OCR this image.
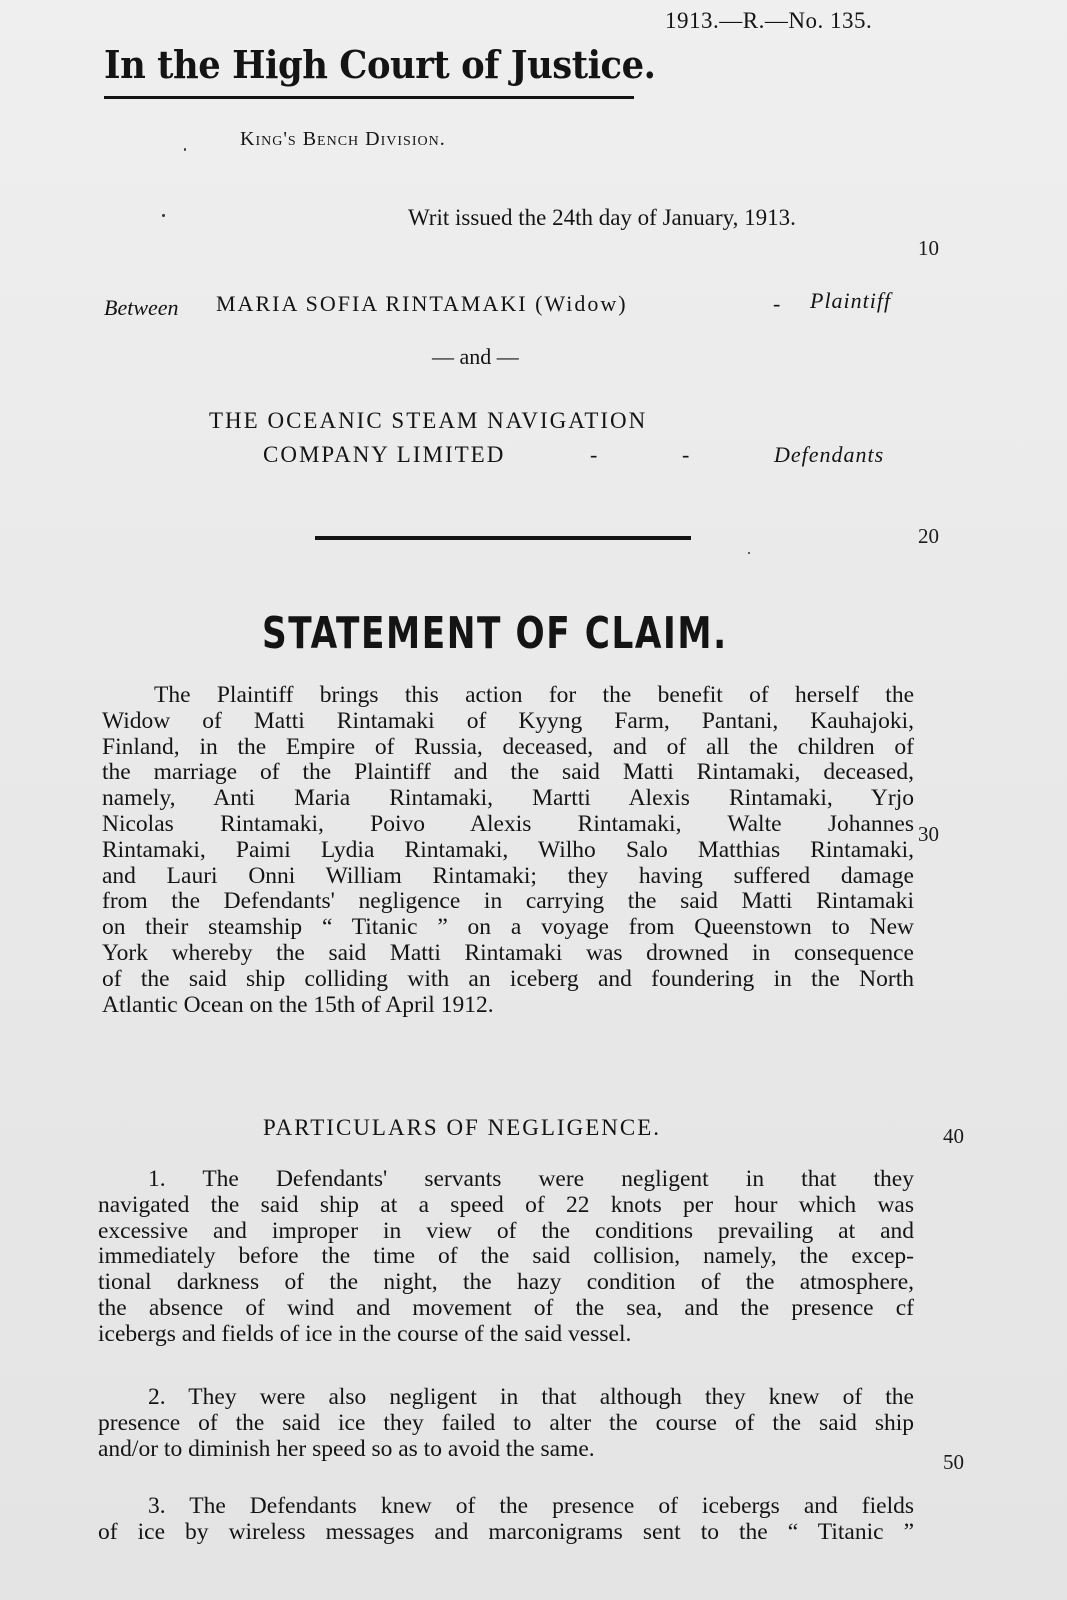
1913.—R.—No. 135.
In the High Court of Justice.
King's Bench Division.
Writ issued the 24th day of January, 1913.
10
20
30
40
50
Between MARIA SOFIA RINTAMAKI (Widow)	- Plaintiff
— and —
THE OCEANIC STEAM NAVIGATION
COMPANY LIMITED	-	-	Defendants
STATEMENT OF CLAIM.
The Plaintiff brings this action for the benefit of herself the
Widow of Matti Rintamaki of Kyyng Farm, Pantani, Kauhajoki,
Finland, in the Empire of Russia, deceased, and of all the children of
the marriage of the Plaintiff and the said Matti Rintamaki, deceased,
namely, Anti Maria Rintamaki, Martti Alexis Rintamaki, Yrjo
Nicolas Rintamaki, Poivo Alexis Rintamaki, Walte Johannes
Rintamaki, Paimi Lydia Rintamaki, Wilho Salo Matthias Rintamaki,
and Lauri Onni William Rintamaki; they having suffered damage
from the Defendants' negligence in carrying the said Matti Rintamaki
on their steamship “ Titanic ” on a voyage from Queenstown to New
York whereby the said Matti Rintamaki was drowned in consequence
of the said ship colliding with an iceberg and foundering in the North
Atlantic Ocean on the 15th of April 1912.
PARTICULARS OF NEGLIGENCE.
1. The Defendants' servants were negligent in that they
navigated the said ship at a speed of 22 knots per hour which was
excessive and improper in view of the conditions prevailing at and
immediately before the time of the said collision, namely, the excep-
tional darkness of the night, the hazy condition of the atmosphere,
the absence of wind and movement of the sea, and the presence cf
icebergs and fields of ice in the course of the said vessel.
2. They were also negligent in that although they knew of the
presence of the said ice they failed to alter the course of the said ship
and/or to diminish her speed so as to avoid the same.
3. The Defendants knew of the presence of icebergs and fields
of ice by wireless messages and marconigrams sent to the “ Titanic ”
